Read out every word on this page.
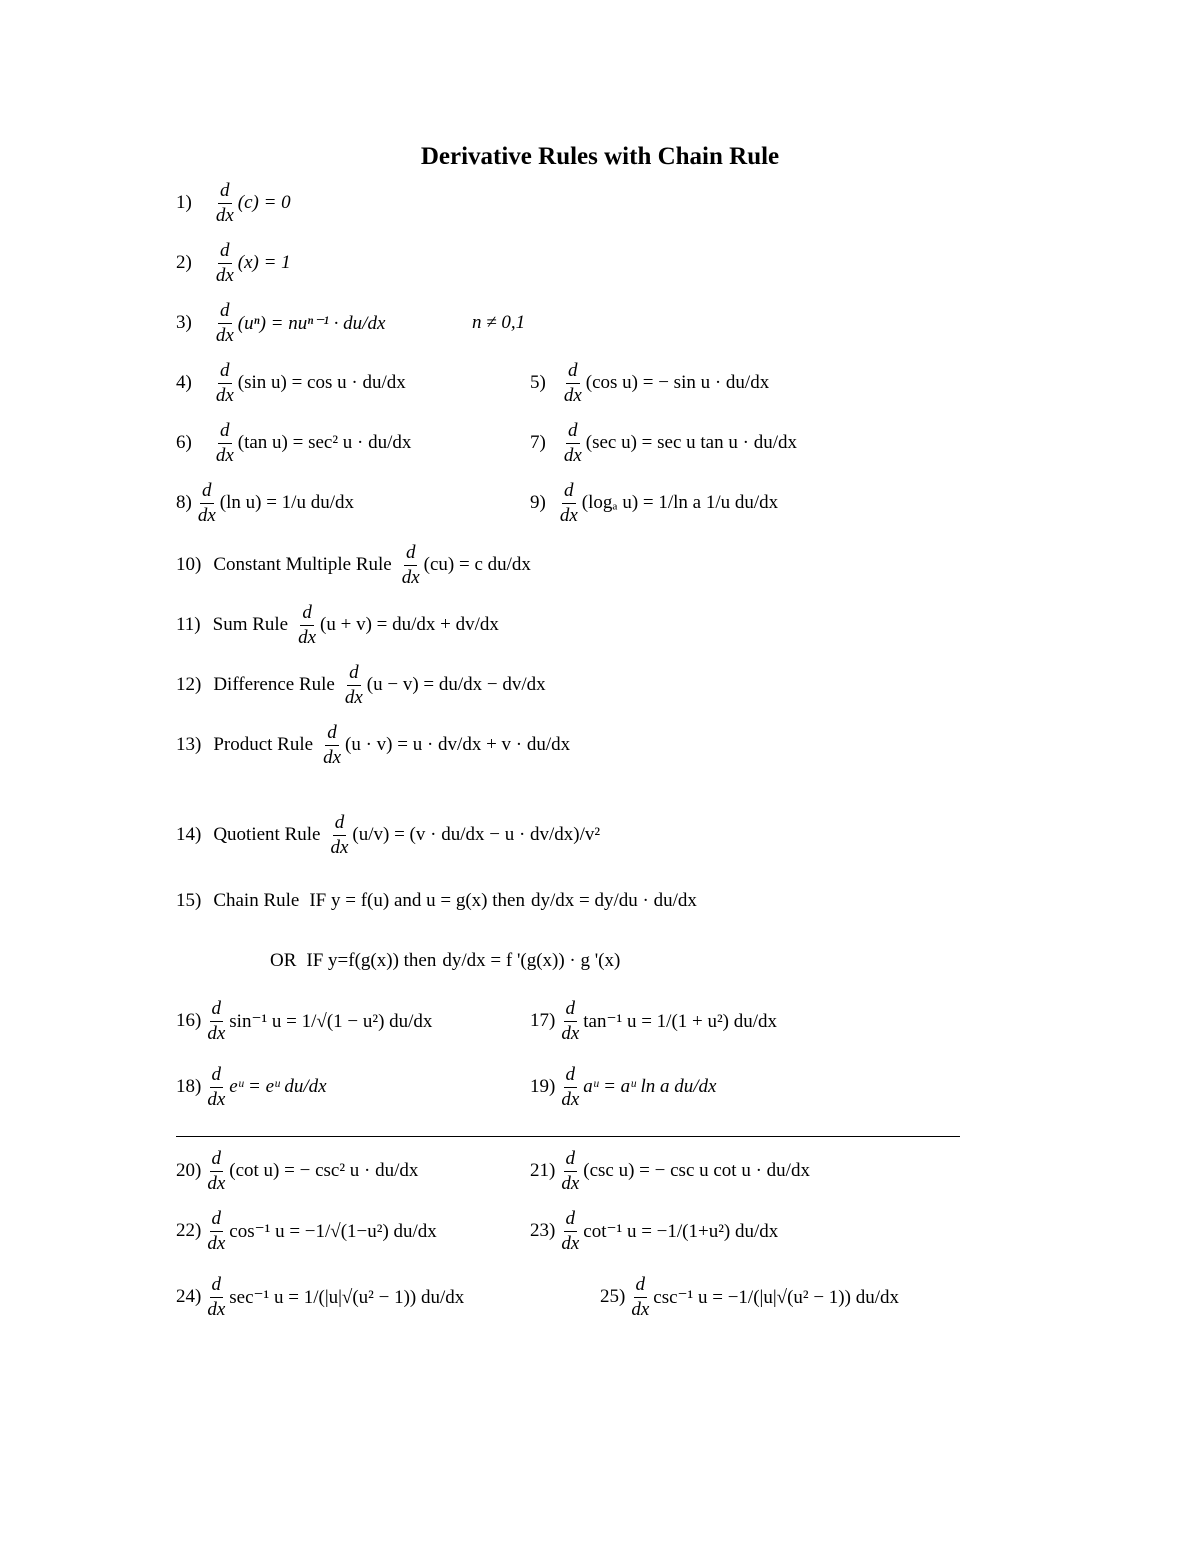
Derivative Rules with Chain Rule
$1) \frac{d}{dx} (c) = 0$
$2) \frac{d}{dx} (x) = 1$
$3) \frac{d}{dx} (u^n) = nu^{n-1} \cdot du/dx$	n ≠ 0,1
$4) \frac{d}{dx} (\sin$ u) = cos u · du/dx	$5) \frac{d}{dx} (\cos$ u) = − sin u · du/dx
$6) \frac{d}{dx} (\tan$ u) = sec² u · du/dx	$7) \frac{d}{dx} (\sec$ u) = sec u tan u · du/dx
$8) \frac{d}{dx} (\ln$ u) = 1/u du/dx	$9) \frac{d}{dx} (\log_a$ u) = 1/ln a 1/u du/dx
10) Constant Multiple Rule $\frac{d}{dx} (cu) = c$ du/dx
11) Sum Rule $\frac{d}{dx} (u + v) = du/dx + dv/dx$
12) Difference Rule $\frac{d}{dx} (u - v) = du/dx - dv/dx$
13) Product Rule $\frac{d}{dx} (u \cdot v) = u \cdot dv/dx + v \cdot du/dx$
14) Quotient Rule $\frac{d}{dx} (u/v) = (v \cdot du/dx - u \cdot dv/dx)/v^2$
15) Chain Rule IF y = f(u) and u = g(x) then dy/dx = dy/du · du/dx
OR IF y=f(g(x)) then dy/dx = f '(g(x)) · g '(x)
$16) \frac{d}{dx} \sin^{-1}$ u = 1/√(1 − u²) du/dx	$17) \frac{d}{dx} \tan^{-1}$ u = 1/(1 + u²) du/dx
$18) \frac{d}{dx}$ eᵘ = eᵘ du/dx	$19) \frac{d}{dx}$ aᵘ = aᵘ ln a du/dx
$20) \frac{d}{dx} (\cot$ u) = − csc² u · du/dx	$21) \frac{d}{dx} (\csc$ u) = − csc u cot u · du/dx
$22) \frac{d}{dx} \cos^{-1}$ u = −1/√(1−u²) du/dx	$23) \frac{d}{dx} \cot^{-1}$ u = −1/(1+u²) du/dx
$24) \frac{d}{dx} \sec^{-1}$ u = 1/(|u|√(u² − 1)) du/dx	$25) \frac{d}{dx} \csc^{-1}$ u = −1/(|u|√(u² − 1)) du/dx
